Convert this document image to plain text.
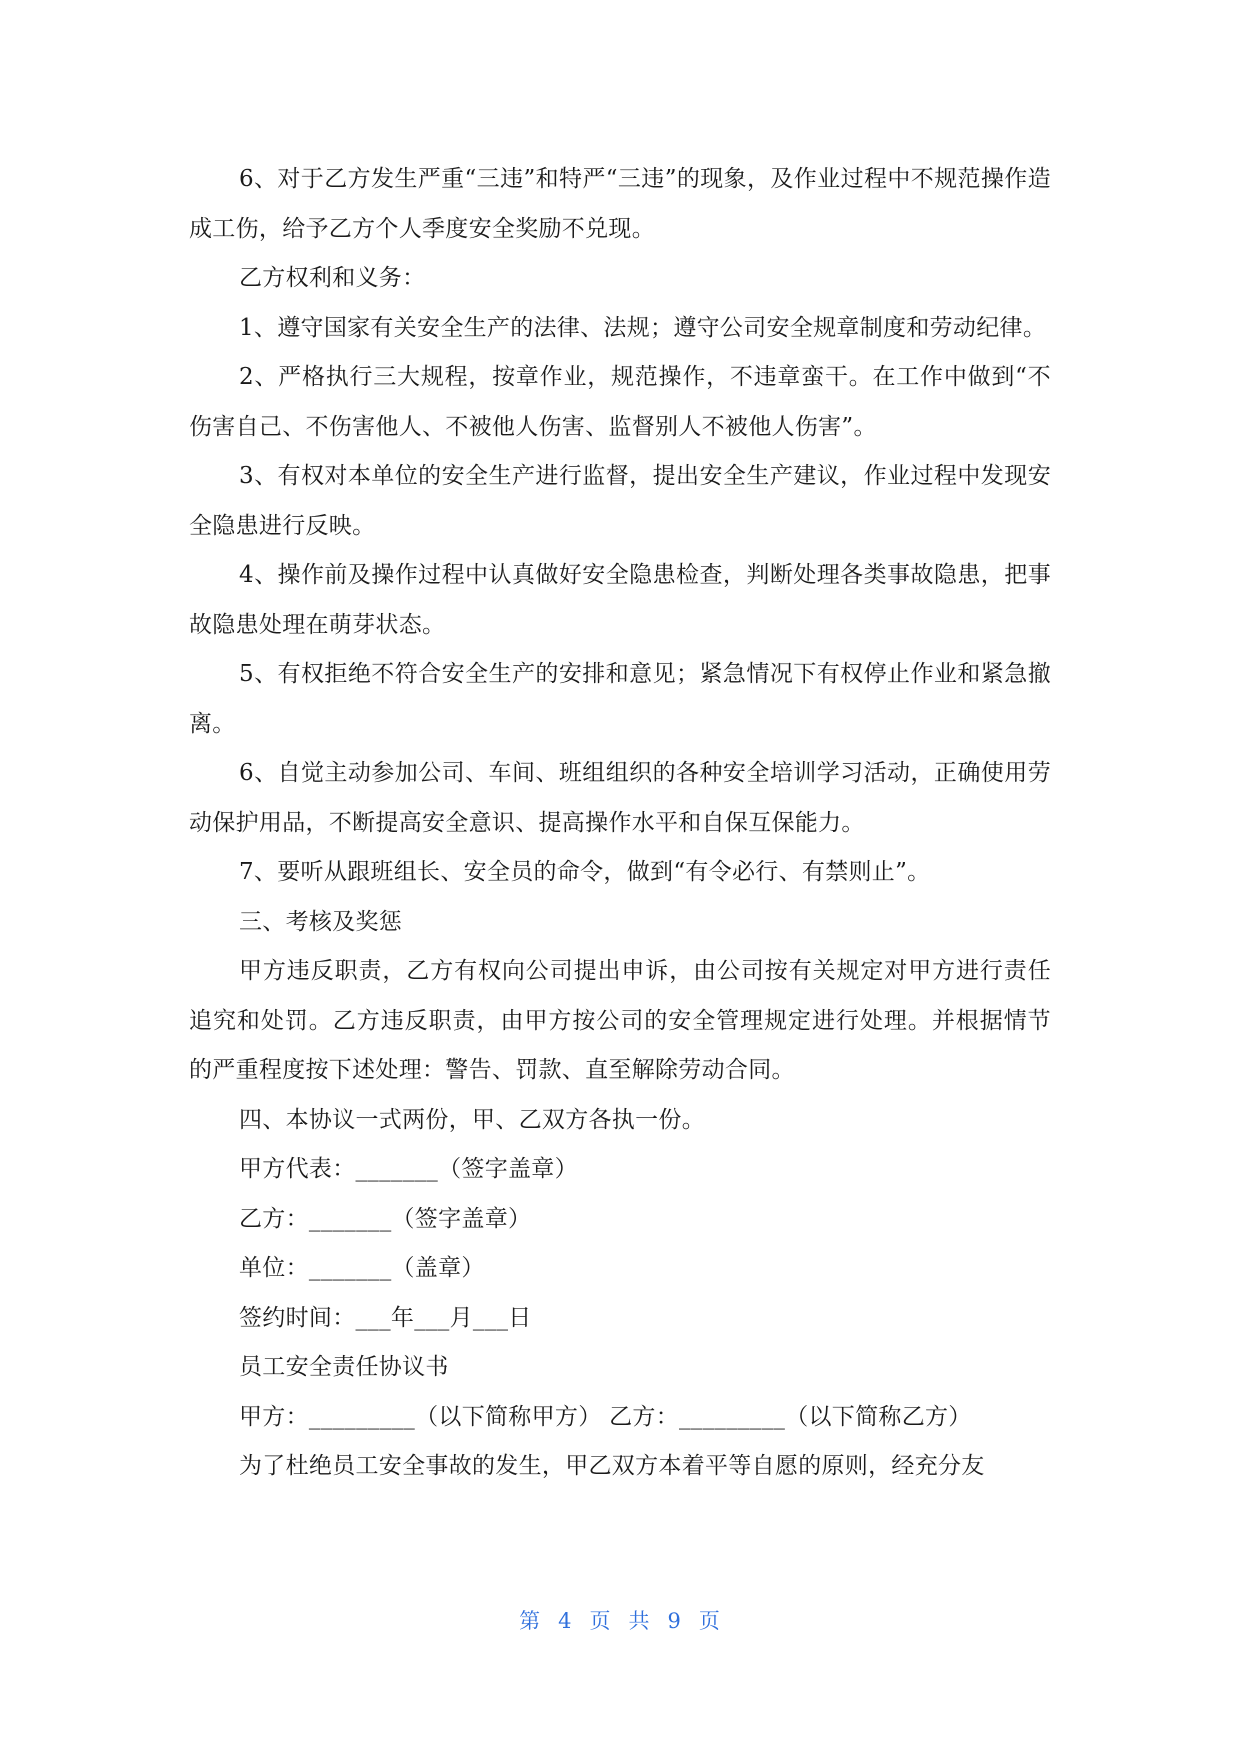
6、对于乙方发生严重“三违”和特严“三违”的现象，及作业过程中不规范操作造成工伤，给予乙方个人季度安全奖励不兑现。

乙方权利和义务：

1、遵守国家有关安全生产的法律、法规；遵守公司安全规章制度和劳动纪律。

2、严格执行三大规程，按章作业，规范操作，不违章蛮干。在工作中做到“不伤害自己、不伤害他人、不被他人伤害、监督别人不被他人伤害”。

3、有权对本单位的安全生产进行监督，提出安全生产建议，作业过程中发现安全隐患进行反映。

4、操作前及操作过程中认真做好安全隐患检查，判断处理各类事故隐患，把事故隐患处理在萌芽状态。

5、有权拒绝不符合安全生产的安排和意见；紧急情况下有权停止作业和紧急撤离。

6、自觉主动参加公司、车间、班组组织的各种安全培训学习活动，正确使用劳动保护用品，不断提高安全意识、提高操作水平和自保互保能力。

7、要听从跟班组长、安全员的命令，做到“有令必行、有禁则止”。

三、考核及奖惩

甲方违反职责，乙方有权向公司提出申诉，由公司按有关规定对甲方进行责任追究和处罚。乙方违反职责，由甲方按公司的安全管理规定进行处理。并根据情节的严重程度按下述处理：警告、罚款、直至解除劳动合同。

四、本协议一式两份，甲、乙双方各执一份。

甲方代表：_______（签字盖章）

乙方：_______（签字盖章）

单位：_______（盖章）

签约时间：___年___月___日

员工安全责任协议书

甲方：_________（以下简称甲方） 乙方：_________（以下简称乙方）

为了杜绝员工安全事故的发生，甲乙双方本着平等自愿的原则，经充分友

第 4 页 共 9 页
